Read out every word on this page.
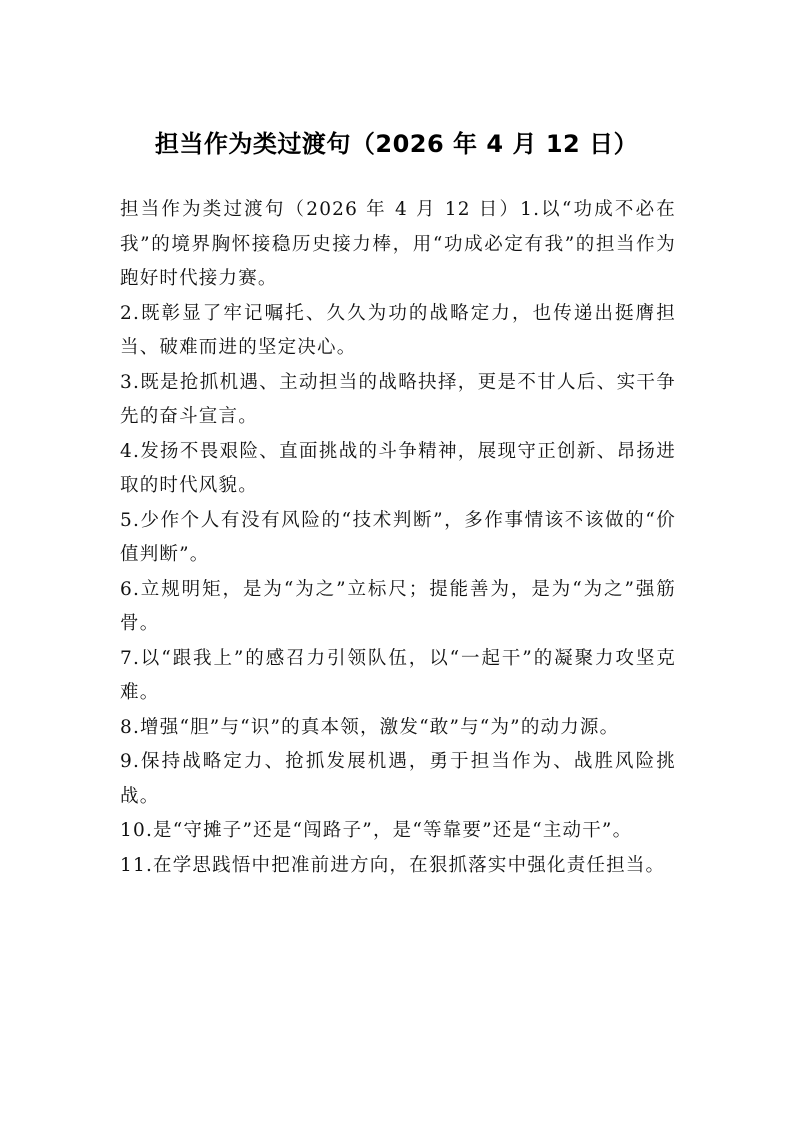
担当作为类过渡句（2026 年 4 月 12 日）

担当作为类过渡句（2026 年 4 月 12 日）1.以“功成不必在我”的境界胸怀接稳历史接力棒，用“功成必定有我”的担当作为跑好时代接力赛。

2.既彰显了牢记嘱托、久久为功的战略定力，也传递出挺膺担当、破难而进的坚定决心。

3.既是抢抓机遇、主动担当的战略抉择，更是不甘人后、实干争先的奋斗宣言。

4.发扬不畏艰险、直面挑战的斗争精神，展现守正创新、昂扬进取的时代风貌。

5.少作个人有没有风险的“技术判断”，多作事情该不该做的“价值判断”。

6.立规明矩，是为“为之”立标尺；提能善为，是为“为之”强筋骨。

7.以“跟我上”的感召力引领队伍，以“一起干”的凝聚力攻坚克难。

8.增强“胆”与“识”的真本领，激发“敢”与“为”的动力源。

9.保持战略定力、抢抓发展机遇，勇于担当作为、战胜风险挑战。

10.是“守摊子”还是“闯路子”，是“等靠要”还是“主动干”。

11.在学思践悟中把准前进方向，在狠抓落实中强化责任担当。
